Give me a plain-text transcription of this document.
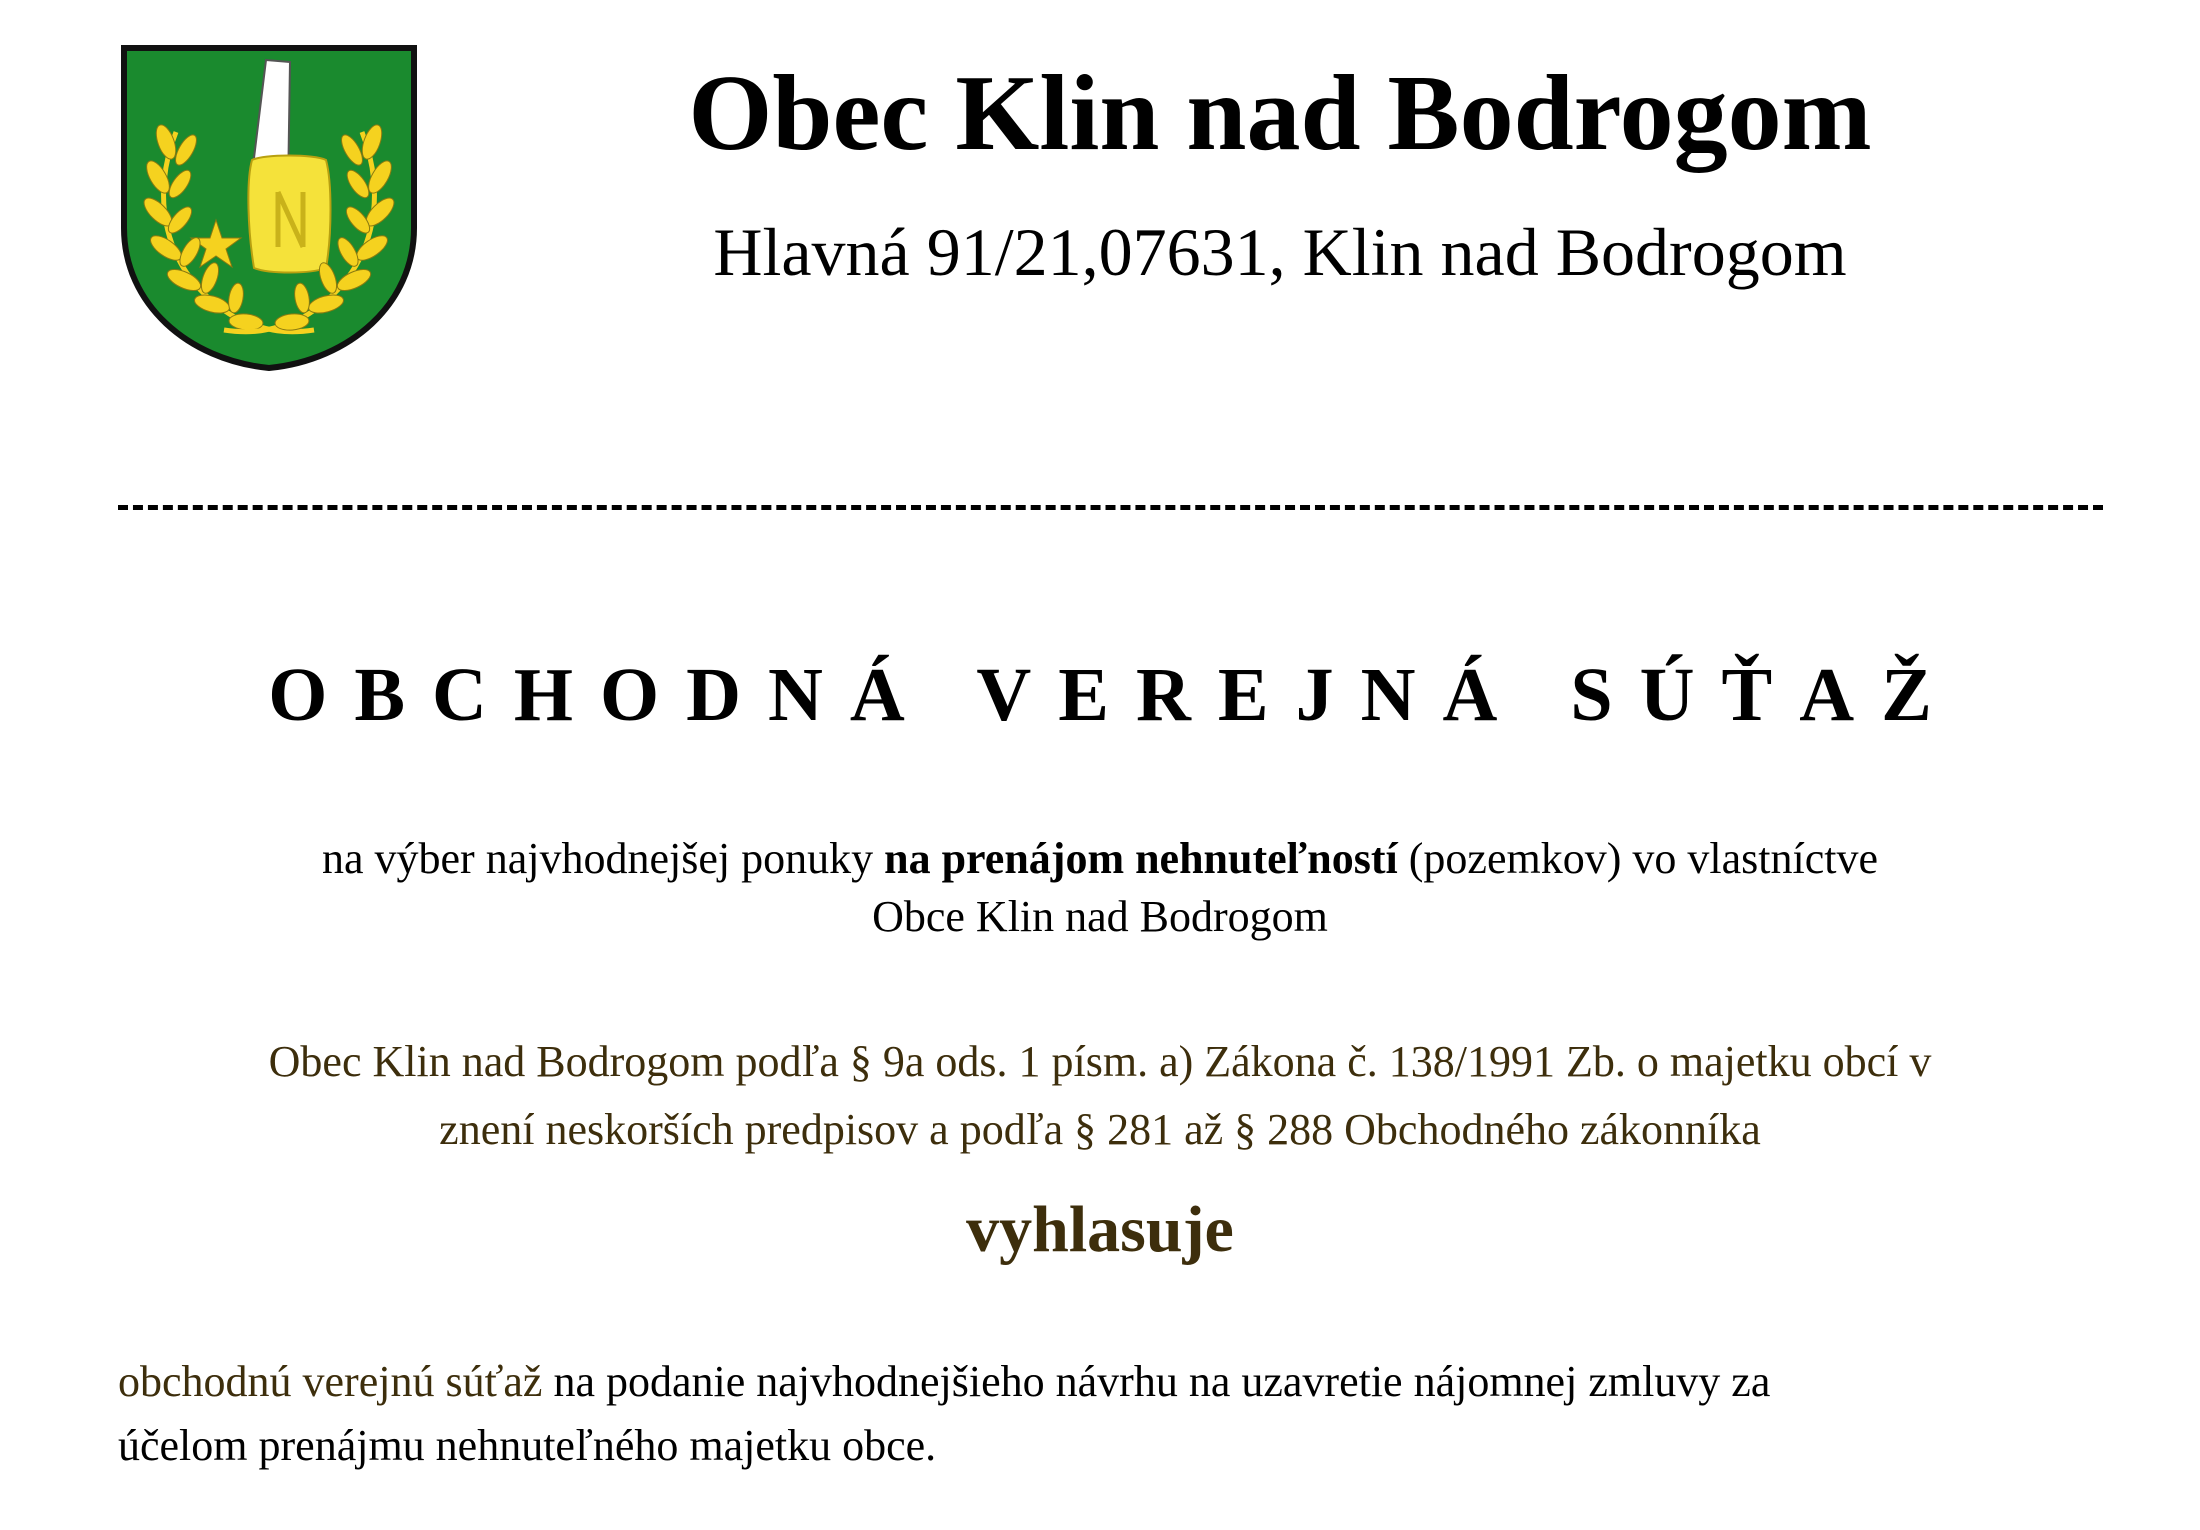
Obec Klin nad Bodrogom
Hlavná 91/21,07631, Klin nad Bodrogom
OBCHODNÁ VEREJNÁ SÚŤAŽ
na výber najvhodnejšej ponuky na prenájom nehnuteľností (pozemkov) vo vlastníctve
Obce Klin nad Bodrogom
Obec Klin nad Bodrogom podľa § 9a ods. 1 písm. a) Zákona č. 138/1991 Zb. o majetku obcí v
znení neskorších predpisov a podľa § 281 až § 288 Obchodného zákonníka
vyhlasuje
obchodnú verejnú súťaž na podanie najvhodnejšieho návrhu na uzavretie nájomnej zmluvy za
účelom prenájmu nehnuteľného majetku obce.
